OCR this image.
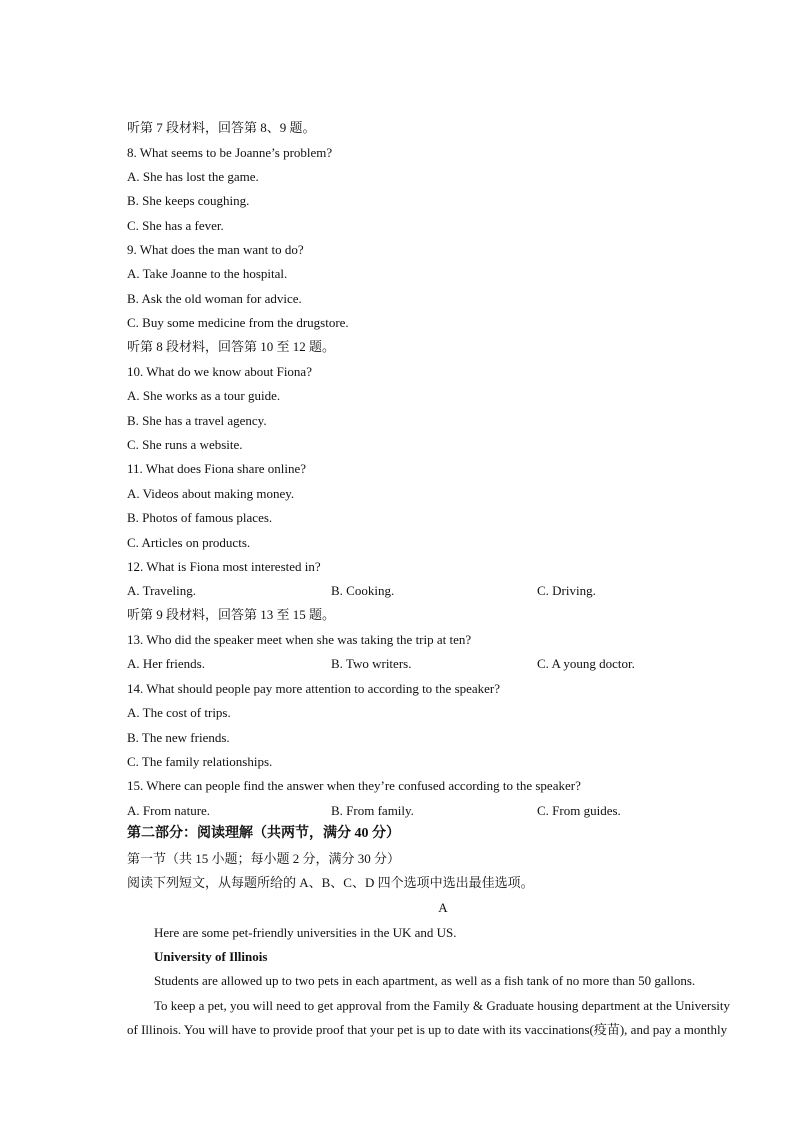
听第 7 段材料，回答第 8、9 题。
8. What seems to be Joanne’s problem?
A. She has lost the game.
B. She keeps coughing.
C. She has a fever.
9. What does the man want to do?
A. Take Joanne to the hospital.
B. Ask the old woman for advice.
C. Buy some medicine from the drugstore.
听第 8 段材料，回答第 10 至 12 题。
10. What do we know about Fiona?
A. She works as a tour guide.
B. She has a travel agency.
C. She runs a website.
11. What does Fiona share online?
A. Videos about making money.
B. Photos of famous places.
C. Articles on products.
12. What is Fiona most interested in?
A. Traveling.	B. Cooking.	C. Driving.
听第 9 段材料，回答第 13 至 15 题。
13. Who did the speaker meet when she was taking the trip at ten?
A. Her friends.	B. Two writers.	C. A young doctor.
14. What should people pay more attention to according to the speaker?
A. The cost of trips.
B. The new friends.
C. The family relationships.
15. Where can people find the answer when they’re confused according to the speaker?
A. From nature.	B. From family.	C. From guides.
第二部分：阅读理解（共两节，满分 40 分）
第一节（共 15 小题；每小题 2 分，满分 30 分）
阅读下列短文，从每题所给的 A、B、C、D 四个选项中选出最佳选项。
A
Here are some pet-friendly universities in the UK and US.
University of Illinois
Students are allowed up to two pets in each apartment, as well as a fish tank of no more than 50 gallons.
To keep a pet, you will need to get approval from the Family & Graduate housing department at the University
of Illinois. You will have to provide proof that your pet is up to date with its vaccinations(疫苗), and pay a monthly
